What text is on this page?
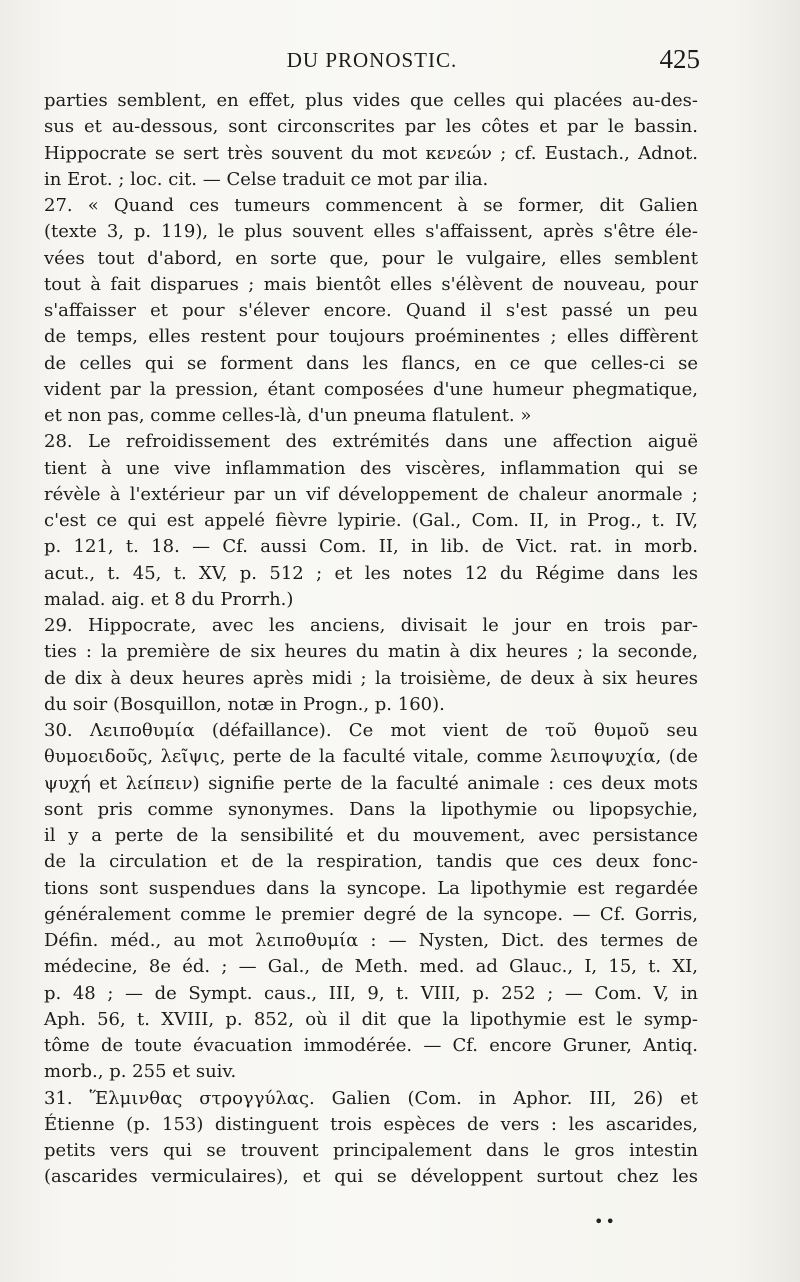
DU PRONOSTIC.	425
parties semblent, en effet, plus vides que celles qui placées au-des-
sus et au-dessous, sont circonscrites par les côtes et par le bassin.
Hippocrate se sert très souvent du mot κενεών ; cf. Eustach., Adnot.
in Erot. ; loc. cit. — Celse traduit ce mot par ilia.
27. « Quand ces tumeurs commencent à se former, dit Galien
(texte 3, p. 119), le plus souvent elles s'affaissent, après s'être éle-
vées tout d'abord, en sorte que, pour le vulgaire, elles semblent
tout à fait disparues ; mais bientôt elles s'élèvent de nouveau, pour
s'affaisser et pour s'élever encore. Quand il s'est passé un peu
de temps, elles restent pour toujours proéminentes ; elles diffèrent
de celles qui se forment dans les flancs, en ce que celles-ci se
vident par la pression, étant composées d'une humeur phegmatique,
et non pas, comme celles-là, d'un pneuma flatulent. »
28. Le refroidissement des extrémités dans une affection aiguë
tient à une vive inflammation des viscères, inflammation qui se
révèle à l'extérieur par un vif développement de chaleur anormale ;
c'est ce qui est appelé fièvre lypirie. (Gal., Com. II, in Prog., t. IV,
p. 121, t. 18. — Cf. aussi Com. II, in lib. de Vict. rat. in morb.
acut., t. 45, t. XV, p. 512 ; et les notes 12 du Régime dans les
malad. aig. et 8 du Prorrh.)
29. Hippocrate, avec les anciens, divisait le jour en trois par-
ties : la première de six heures du matin à dix heures ; la seconde,
de dix à deux heures après midi ; la troisième, de deux à six heures
du soir (Bosquillon, notæ in Progn., p. 160).
30. Λειποθυμία (défaillance). Ce mot vient de τοῦ θυμοῦ seu
θυμοειδοῦς, λεῖψις, perte de la faculté vitale, comme λειποψυχία, (de
ψυχή et λείπειν) signifie perte de la faculté animale : ces deux mots
sont pris comme synonymes. Dans la lipothymie ou lipopsychie,
il y a perte de la sensibilité et du mouvement, avec persistance
de la circulation et de la respiration, tandis que ces deux fonc-
tions sont suspendues dans la syncope. La lipothymie est regardée
généralement comme le premier degré de la syncope. — Cf. Gorris,
Défin. méd., au mot λειποθυμία : — Nysten, Dict. des termes de
médecine, 8e éd. ; — Gal., de Meth. med. ad Glauc., I, 15, t. XI,
p. 48 ; — de Sympt. caus., III, 9, t. VIII, p. 252 ; — Com. V, in
Aph. 56, t. XVIII, p. 852, où il dit que la lipothymie est le symp-
tôme de toute évacuation immodérée. — Cf. encore Gruner, Antiq.
morb., p. 255 et suiv.
31. Ἕλμινθας στρογγύλας. Galien (Com. in Aphor. III, 26) et
Étienne (p. 153) distinguent trois espèces de vers : les ascarides,
petits vers qui se trouvent principalement dans le gros intestin
(ascarides vermiculaires), et qui se développent surtout chez les
••
